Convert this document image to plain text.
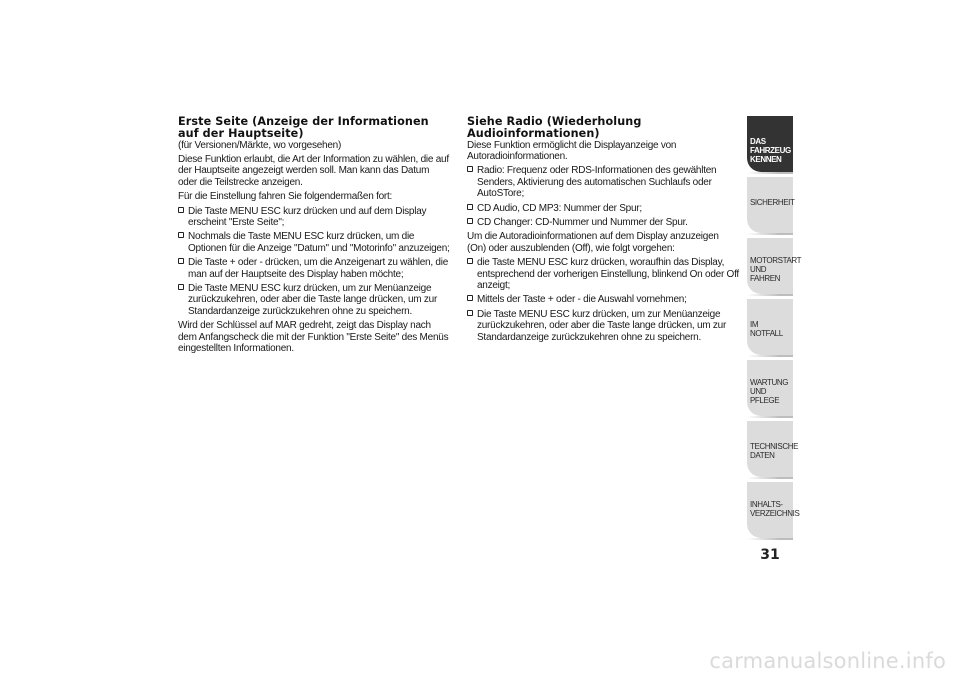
Erste Seite (Anzeige der Informationen auf der Hauptseite)
(für Versionen/Märkte, wo vorgesehen)

Diese Funktion erlaubt, die Art der Information zu wählen, die auf der Hauptseite angezeigt werden soll. Man kann das Datum oder die Teilstrecke anzeigen.

Für die Einstellung fahren Sie folgendermaßen fort:

Die Taste MENU ESC kurz drücken und auf dem Display erscheint "Erste Seite";
Nochmals die Taste MENU ESC kurz drücken, um die Optionen für die Anzeige "Datum" und "Motorinfo" anzuzeigen;
Die Taste + oder - drücken, um die Anzeigenart zu wählen, die man auf der Hauptseite des Display haben möchte;
Die Taste MENU ESC kurz drücken, um zur Menüanzeige zurückzukehren, oder aber die Taste lange drücken, um zur Standardanzeige zurückzukehren ohne zu speichern.

Wird der Schlüssel auf MAR gedreht, zeigt das Display nach dem Anfangscheck die mit der Funktion "Erste Seite" des Menüs eingestellten Informationen.

Siehe Radio (Wiederholung Audioinformationen)

Diese Funktion ermöglicht die Displayanzeige von Autoradioinformationen.

Radio: Frequenz oder RDS-Informationen des gewählten Senders, Aktivierung des automatischen Suchlaufs oder AutoSTore;
CD Audio, CD MP3: Nummer der Spur;
CD Changer: CD-Nummer und Nummer der Spur.

Um die Autoradioinformationen auf dem Display anzuzeigen (On) oder auszublenden (Off), wie folgt vorgehen:

die Taste MENU ESC kurz drücken, woraufhin das Display, entsprechend der vorherigen Einstellung, blinkend On oder Off anzeigt;
Mittels der Taste + oder - die Auswahl vornehmen;
Die Taste MENU ESC kurz drücken, um zur Menüanzeige zurückzukehren, oder aber die Taste lange drücken, um zur Standardanzeige zurückzukehren ohne zu speichern.
DAS FAHRZEUG
KENNEN
SICHERHEIT
MOTORSTART UND
FAHREN
IM NOTFALL
WARTUNG UND
PFLEGE
TECHNISCHE DATEN
INHALTS-
VERZEICHNIS
31
carmanualsonline.info
